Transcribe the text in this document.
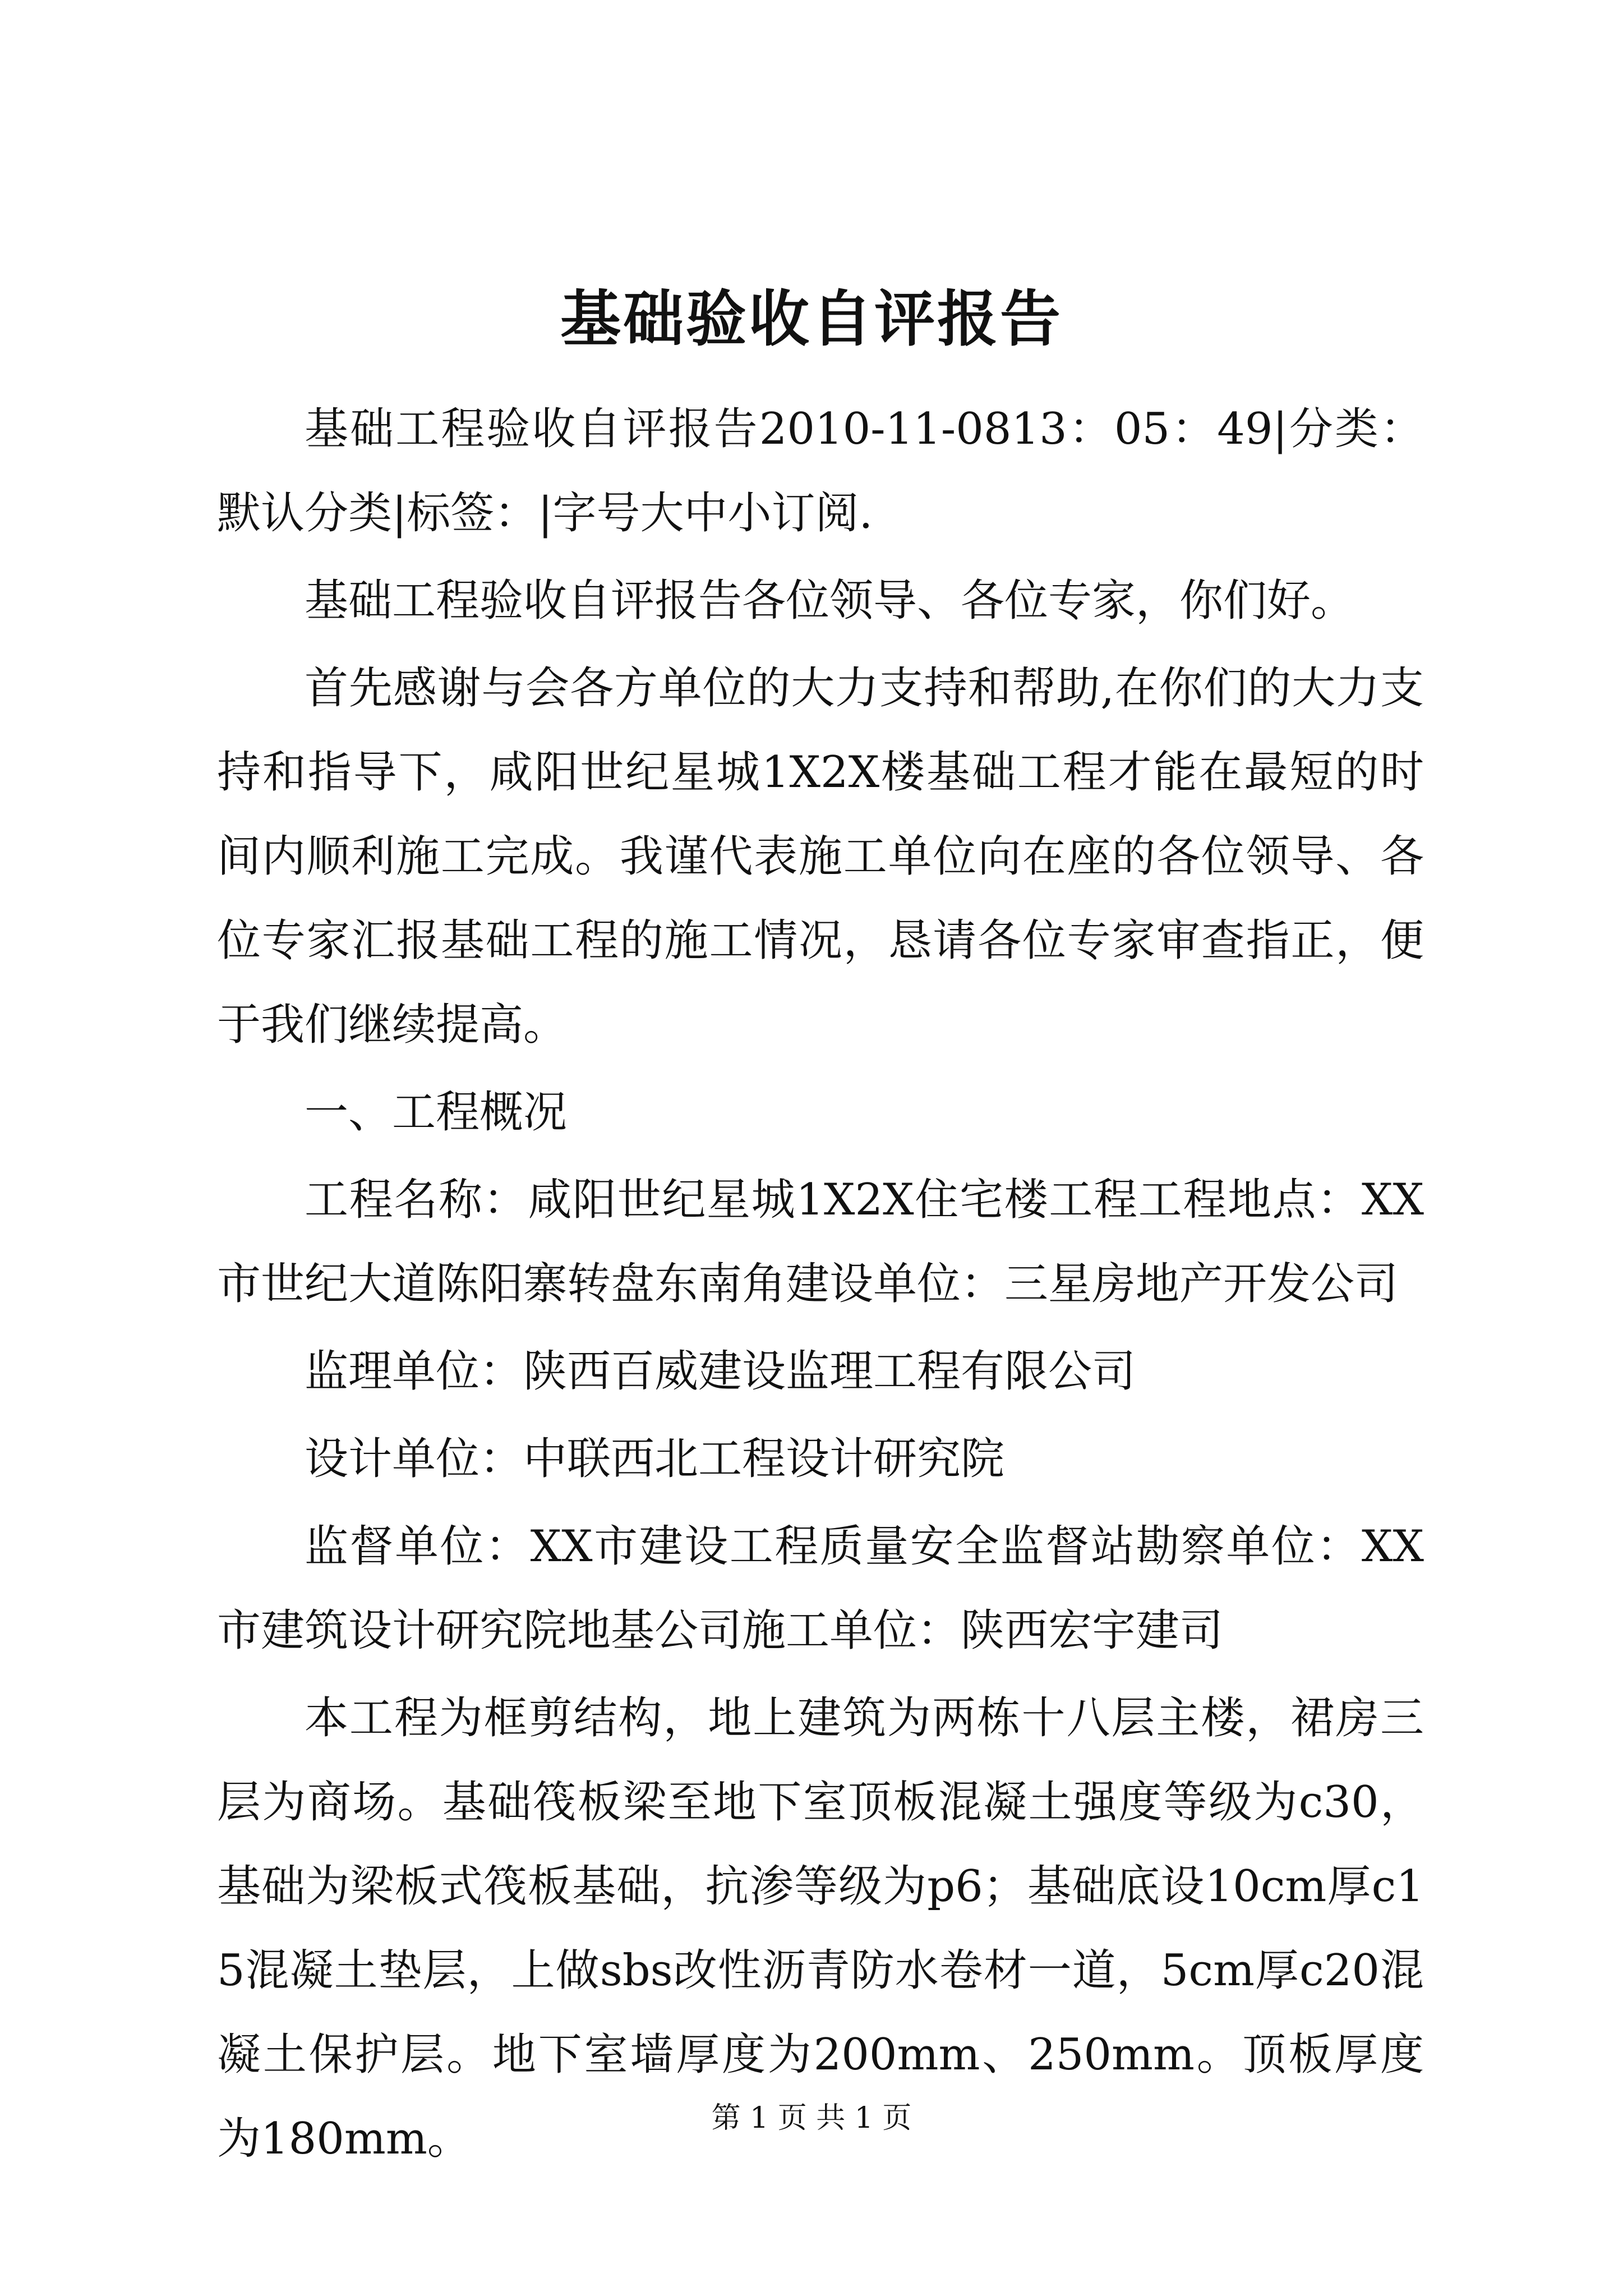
基础验收自评报告

基础工程验收自评报告2010-11-0813：05：49|分类：默认分类|标签：|字号大中小订阅.

基础工程验收自评报告各位领导、各位专家，你们好。

首先感谢与会各方单位的大力支持和帮助,在你们的大力支持和指导下，咸阳世纪星城1X2X楼基础工程才能在最短的时间内顺利施工完成。我谨代表施工单位向在座的各位领导、各位专家汇报基础工程的施工情况，恳请各位专家审查指正，便于我们继续提高。

一、工程概况

工程名称：咸阳世纪星城1X2X住宅楼工程工程地点：XX市世纪大道陈阳寨转盘东南角建设单位：三星房地产开发公司

监理单位：陕西百威建设监理工程有限公司

设计单位：中联西北工程设计研究院

监督单位：XX市建设工程质量安全监督站勘察单位：XX市建筑设计研究院地基公司施工单位：陕西宏宇建司

本工程为框剪结构，地上建筑为两栋十八层主楼，裙房三层为商场。基础筏板梁至地下室顶板混凝土强度等级为c30，基础为梁板式筏板基础，抗渗等级为p6；基础底设10cm厚c15混凝土垫层，上做sbs改性沥青防水卷材一道，5cm厚c20混凝土保护层。地下室墙厚度为200mm、250mm。顶板厚度为180mm。	第 1 页 共 1 页
